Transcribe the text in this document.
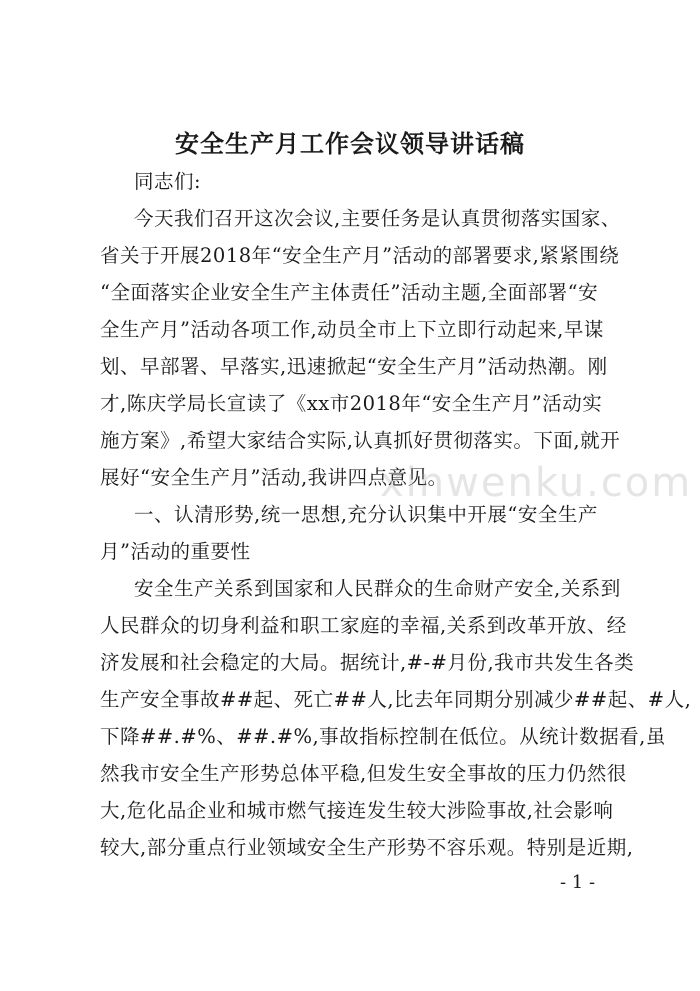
安全生产月工作会议领导讲话稿
同志们:
今天我们召开这次会议,主要任务是认真贯彻落实国家、
省关于开展2018年“安全生产月”活动的部署要求,紧紧围绕
“全面落实企业安全生产主体责任”活动主题,全面部署“安
全生产月”活动各项工作,动员全市上下立即行动起来,早谋
划、早部署、早落实,迅速掀起“安全生产月”活动热潮。刚
才,陈庆学局长宣读了《xx市2018年“安全生产月”活动实
施方案》,希望大家结合实际,认真抓好贯彻落实。下面,就开
展好“安全生产月”活动,我讲四点意见。
一、认清形势,统一思想,充分认识集中开展“安全生产
月”活动的重要性
安全生产关系到国家和人民群众的生命财产安全,关系到
人民群众的切身利益和职工家庭的幸福,关系到改革开放、经
济发展和社会稳定的大局。据统计,#-#月份,我市共发生各类
生产安全事故##起、死亡##人,比去年同期分别减少##起、#人,
下降##.#%、##.#%,事故指标控制在低位。从统计数据看,虽
然我市安全生产形势总体平稳,但发生安全事故的压力仍然很
大,危化品企业和城市燃气接连发生较大涉险事故,社会影响
较大,部分重点行业领域安全生产形势不容乐观。特别是近期,
xinwenku.com
- 1 -
